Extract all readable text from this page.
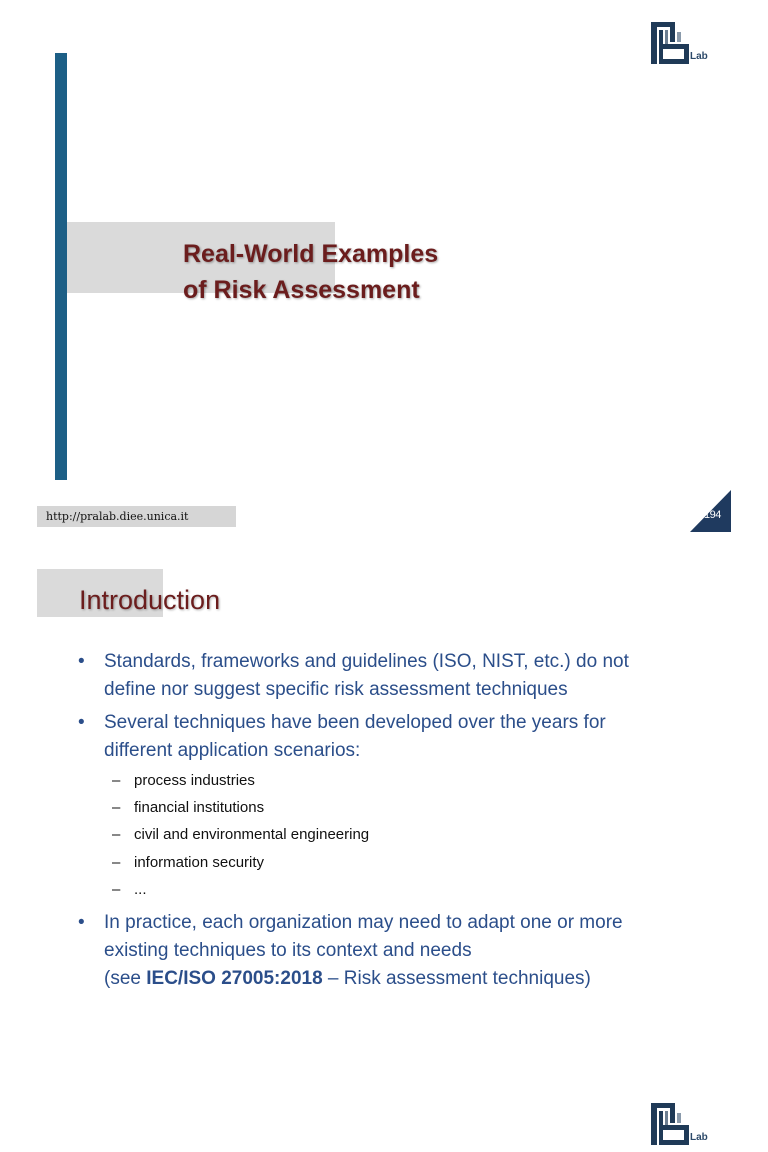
Real-World Examples
of Risk Assessment
Lab
http://pralab.diee.unica.it	194
Introduction
Lab
• Standards, frameworks and guidelines (ISO, NIST, etc.) do not
define nor suggest specific risk assessment techniques
• Several techniques have been developed over the years for
different application scenarios:
– process industries
– financial institutions
– civil and environmental engineering
– information security
– ...
• In practice, each organization may need to adapt one or more
existing techniques to its context and needs
(see IEC/ISO 27005:2018 – Risk assessment techniques)
